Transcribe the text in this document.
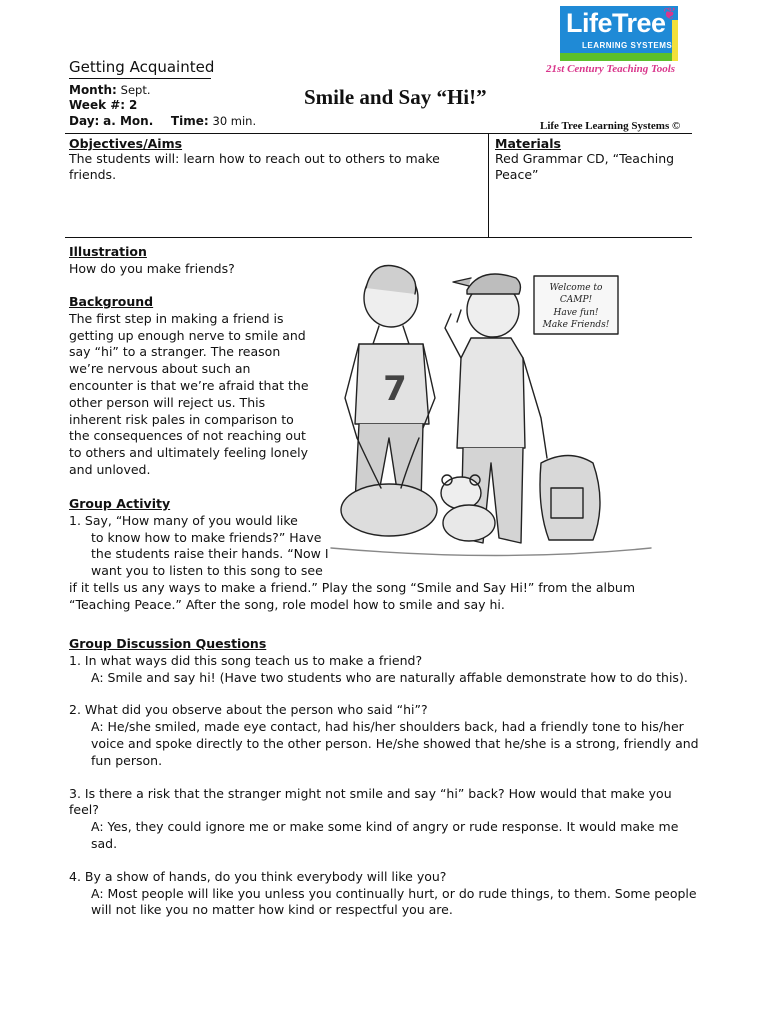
❦
LifeTree
LEARNING SYSTEMS
21st Century Teaching Tools
Getting Acquainted
Month: Sept.
Week #: 2
Day: a. Mon. Time: 30 min.
Smile and Say “Hi!”
Life Tree Learning Systems ©
Objectives/Aims
The students will: learn how to reach out to others to make friends.
Materials
Red Grammar CD, “Teaching Peace”
Illustration
How do you make friends?
Background
The first step in making a friend is
getting up enough nerve to smile and
say “hi” to a stranger. The reason
we’re nervous about such an
encounter is that we’re afraid that the
other person will reject us. This
inherent risk pales in comparison to
the consequences of not reaching out
to others and ultimately feeling lonely
and unloved.
Group Activity
1. Say, “How many of you would like
to know how to make friends?” Have
the students raise their hands. “Now I
want you to listen to this song to see
if it tells us any ways to make a friend.” Play the song “Smile and Say Hi!” from the album
“Teaching Peace.” After the song, role model how to smile and say hi.
7
Welcome to
CAMP!
Have fun!
Make Friends!
Group Discussion Questions
1. In what ways did this song teach us to make a friend?
A: Smile and say hi! (Have two students who are naturally affable demonstrate how to do this).
2. What did you observe about the person who said “hi”?
A: He/she smiled, made eye contact, had his/her shoulders back, had a friendly tone to his/her voice and spoke directly to the other person. He/she showed that he/she is a strong, friendly and fun person.
3. Is there a risk that the stranger might not smile and say “hi” back? How would that make you feel?
A: Yes, they could ignore me or make some kind of angry or rude response. It would make me sad.
4. By a show of hands, do you think everybody will like you?
A: Most people will like you unless you continually hurt, or do rude things, to them. Some people will not like you no matter how kind or respectful you are.
